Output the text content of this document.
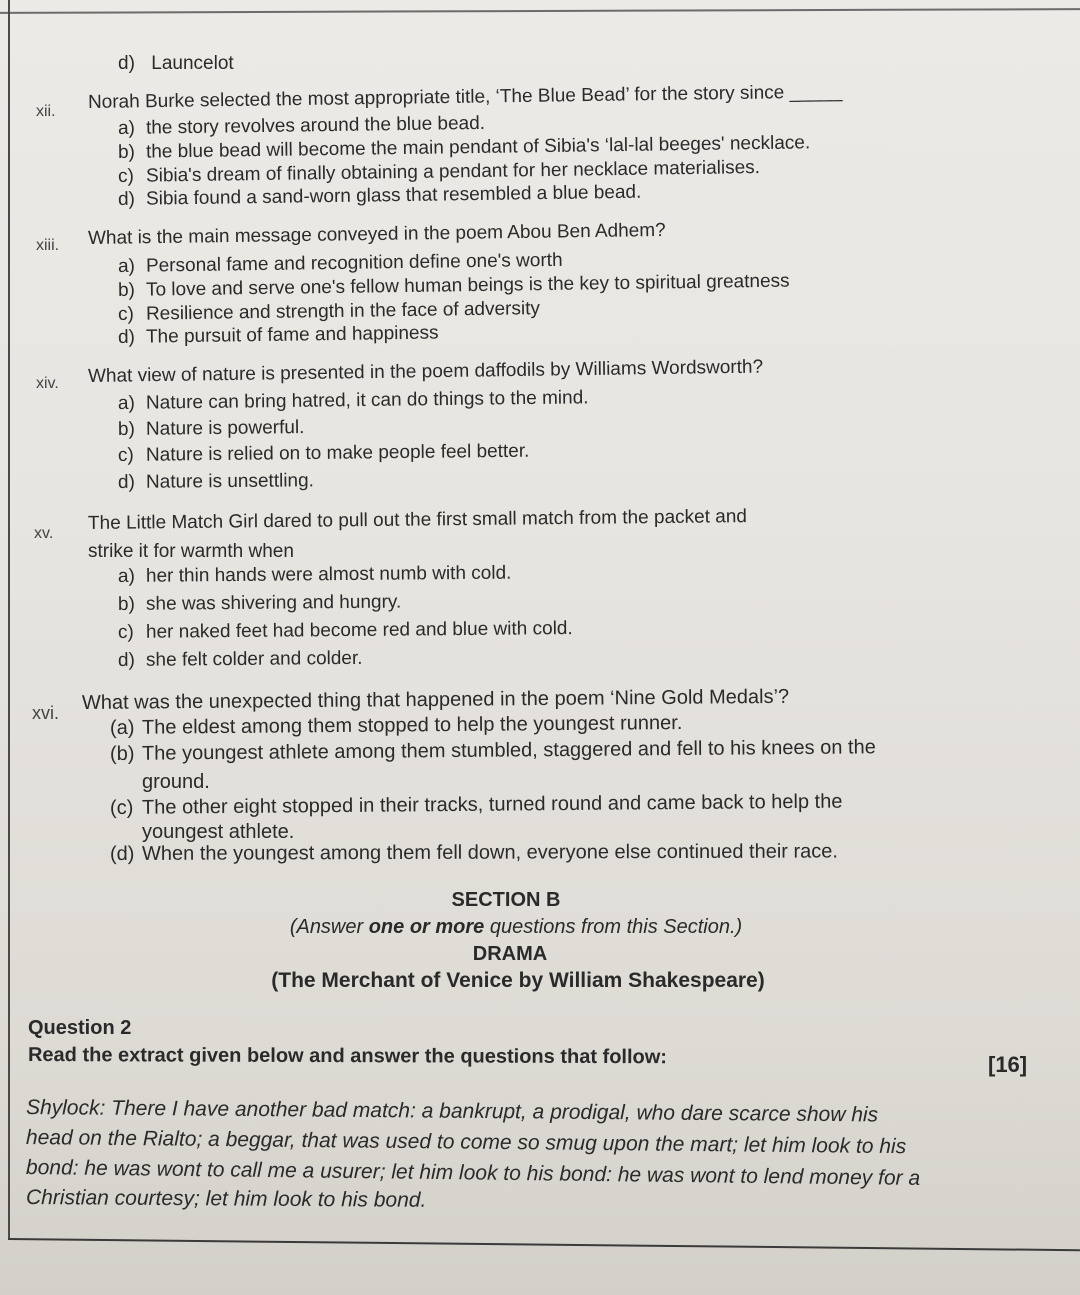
d) Launcelot
xii. Norah Burke selected the most appropriate title, ‘The Blue Bead’ for the story since _____
a) the story revolves around the blue bead.
b) the blue bead will become the main pendant of Sibia's ‘lal-lal beeges' necklace.
c) Sibia's dream of finally obtaining a pendant for her necklace materialises.
d) Sibia found a sand-worn glass that resembled a blue bead.
xiii. What is the main message conveyed in the poem Abou Ben Adhem?
a) Personal fame and recognition define one's worth
b) To love and serve one's fellow human beings is the key to spiritual greatness
c) Resilience and strength in the face of adversity
d) The pursuit of fame and happiness
xiv. What view of nature is presented in the poem daffodils by Williams Wordsworth?
a) Nature can bring hatred, it can do things to the mind.
b) Nature is powerful.
c) Nature is relied on to make people feel better.
d) Nature is unsettling.
xv. The Little Match Girl dared to pull out the first small match from the packet and
strike it for warmth when
a) her thin hands were almost numb with cold.
b) she was shivering and hungry.
c) her naked feet had become red and blue with cold.
d) she felt colder and colder.
xvi. What was the unexpected thing that happened in the poem ‘Nine Gold Medals’?
(a) The eldest among them stopped to help the youngest runner.
(b) The youngest athlete among them stumbled, staggered and fell to his knees on the
ground.
(c) The other eight stopped in their tracks, turned round and came back to help the
youngest athlete.
(d) When the youngest among them fell down, everyone else continued their race.
SECTION B
(Answer one or more questions from this Section.)
DRAMA
(The Merchant of Venice by William Shakespeare)
Question 2
Read the extract given below and answer the questions that follow:	[16]
Shylock: There I have another bad match: a bankrupt, a prodigal, who dare scarce show his
head on the Rialto; a beggar, that was used to come so smug upon the mart; let him look to his
bond: he was wont to call me a usurer; let him look to his bond: he was wont to lend money for a
Christian courtesy; let him look to his bond.
